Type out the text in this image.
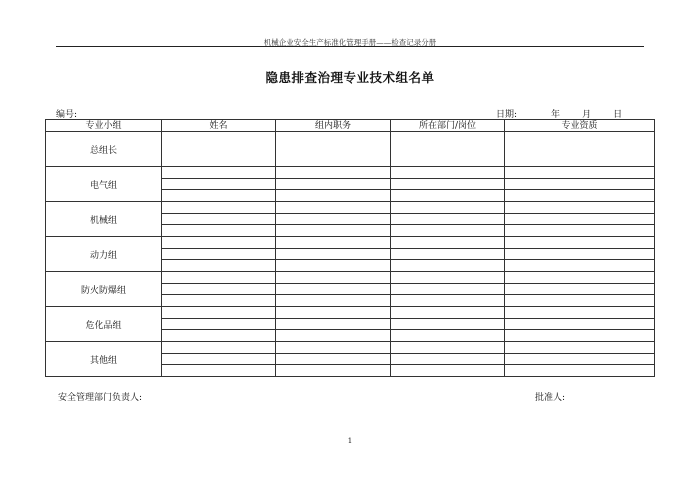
机械企业安全生产标准化管理手册——检查记录分册
隐患排查治理专业技术组名单
编号:	日期:	年 月 日
专业小组	姓名	组内职务	所在部门/岗位	专业资质
总组长				
电气组				

机械组				

动力组				

防火防爆组				

危化品组				

其他组				

安全管理部门负责人:	批准人:
1
